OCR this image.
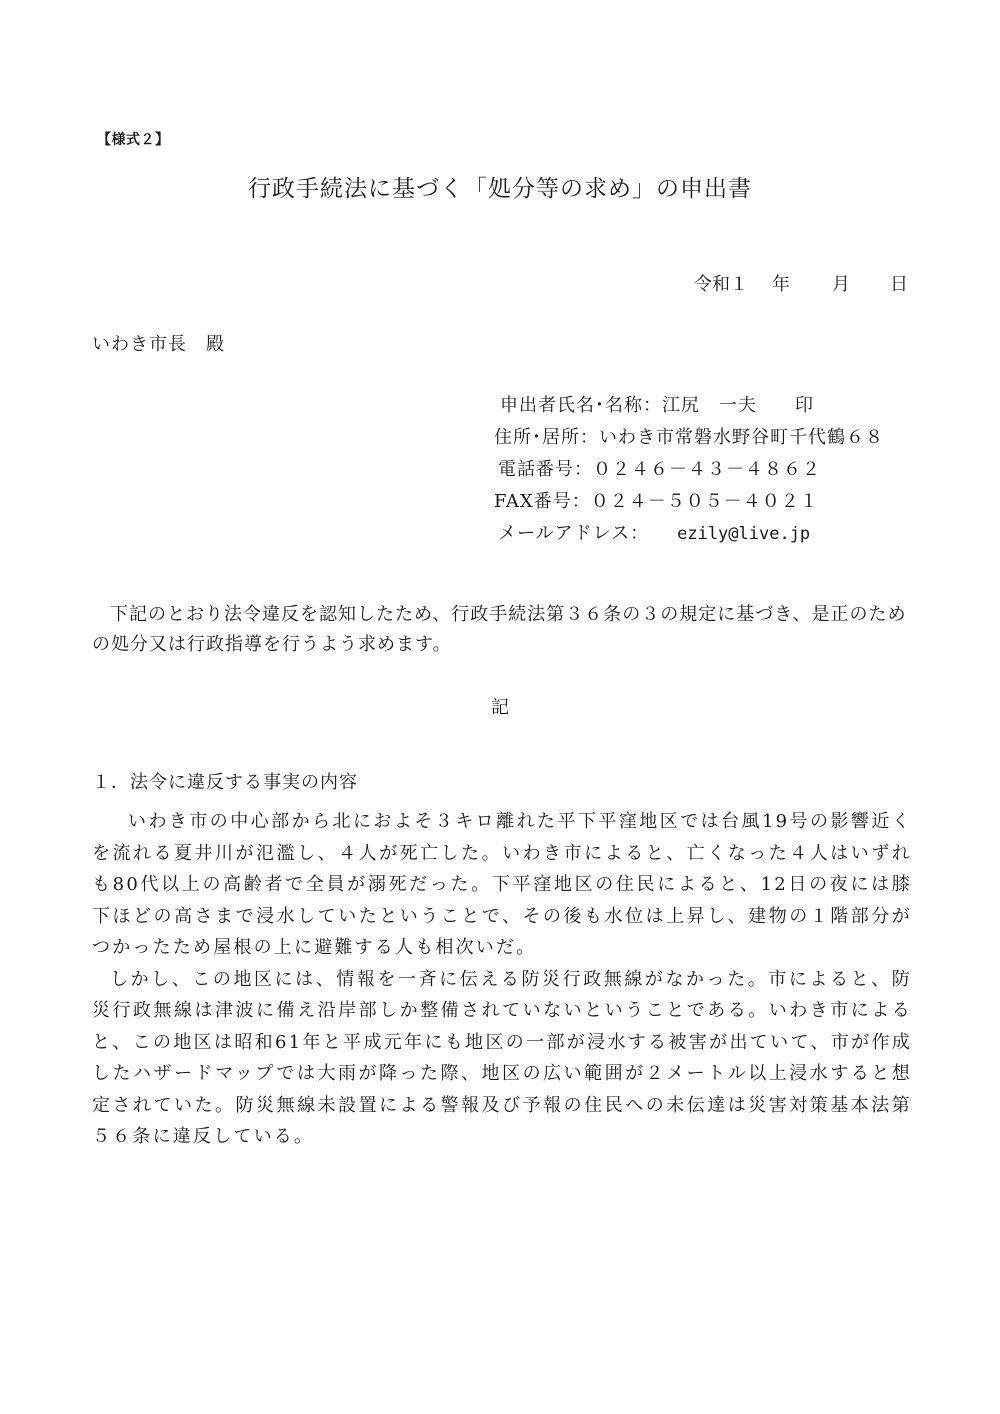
【様式２】
行政手続法に基づく「処分等の求め」の申出書
令和１	年	月	日
いわき市長　殿
申出者氏名･名称：江尻　一夫　　印
住所･居所：いわき市常磐水野谷町千代鶴６８
電話番号：０２４６－４３－４８６２
FAX番号：０２４－５０５－４０２１
メールアドレス： ezily@live.jp
下記のとおり法令違反を認知したため、行政手続法第３６条の３の規定に基づき、是正のための処分又は行政指導を行うよう求めます。
記
１．法令に違反する事実の内容

いわき市の中心部から北におよそ３キロ離れた平下平窪地区では台風19号の影響近くを流れる夏井川が氾濫し、４人が死亡した。いわき市によると、亡くなった４人はいずれも80代以上の高齢者で全員が溺死だった。下平窪地区の住民によると、12日の夜には膝下ほどの高さまで浸水していたということで、その後も水位は上昇し、建物の１階部分がつかったため屋根の上に避難する人も相次いだ。

しかし、この地区には、情報を一斉に伝える防災行政無線がなかった。市によると、防災行政無線は津波に備え沿岸部しか整備されていないということである。いわき市によると、この地区は昭和61年と平成元年にも地区の一部が浸水する被害が出ていて、市が作成したハザードマップでは大雨が降った際、地区の広い範囲が２メートル以上浸水すると想定されていた。防災無線未設置による警報及び予報の住民への未伝達は災害対策基本法第５６条に違反している。
